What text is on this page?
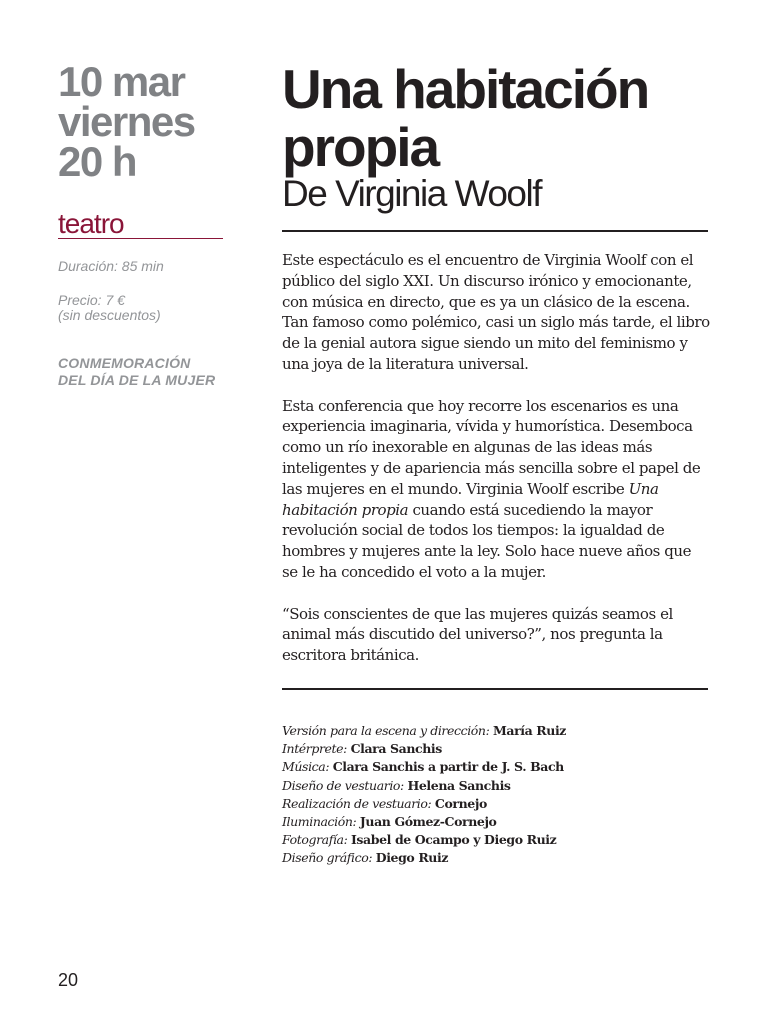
10 mar
viernes
20 h
teatro
Duración: 85 min
Precio: 7 €
(sin descuentos)
CONMEMORACIÓN
DEL DÍA DE LA MUJER
Una habitación
propia
De Virginia Woolf

Este espectáculo es el encuentro de Virginia Woolf con el público del siglo XXI. Un discurso irónico y emocionante, con música en directo, que es ya un clásico de la escena. Tan famoso como polémico, casi un siglo más tarde, el libro de la genial autora sigue siendo un mito del feminismo y una joya de la literatura universal.

Esta conferencia que hoy recorre los escenarios es una experiencia imaginaria, vívida y humorística. Desemboca como un río inexorable en algunas de las ideas más inteligentes y de apariencia más sencilla sobre el papel de las mujeres en el mundo. Virginia Woolf escribe Una habitación propia cuando está sucediendo la mayor revolución social de todos los tiempos: la igualdad de hombres y mujeres ante la ley. Solo hace nueve años que se le ha concedido el voto a la mujer.

“Sois conscientes de que las mujeres quizás seamos el animal más discutido del universo?”, nos pregunta la escritora británica.

Versión para la escena y dirección: María Ruiz
Intérprete: Clara Sanchis
Música: Clara Sanchis a partir de J. S. Bach
Diseño de vestuario: Helena Sanchis
Realización de vestuario: Cornejo
Iluminación: Juan Gómez-Cornejo
Fotografía: Isabel de Ocampo y Diego Ruiz
Diseño gráfico: Diego Ruiz
20
